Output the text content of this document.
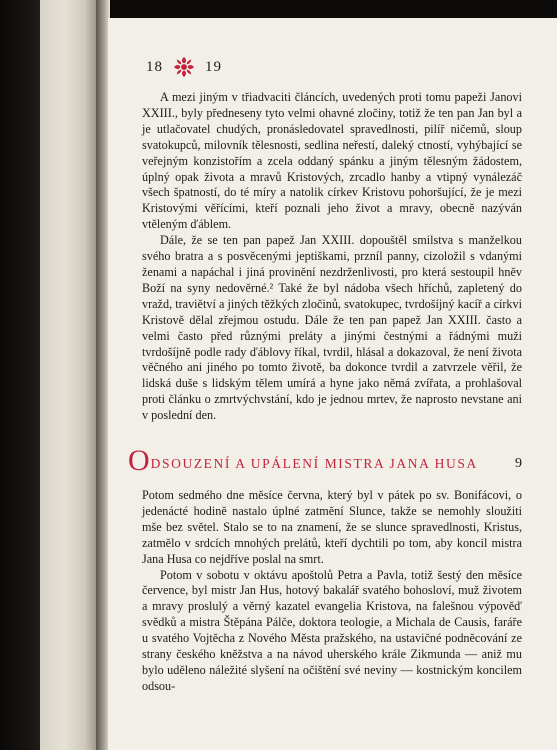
18	19

A mezi jiným v třiadvaciti článcích, uvedených proti tomu papeži Janovi XXIII., byly předneseny tyto velmi ohavné zločiny, totiž že ten pan Jan byl a je utlačovatel chudých, pronásledovatel spravedlnosti, pilíř ničemů, sloup svatokupců, milovník tělesnosti, sedlina neřestí, daleký ctností, vyhýbající se veřejným konzistořím a zcela oddaný spánku a jiným tělesným žádostem, úplný opak života a mravů Kristových, zrcadlo hanby a vtipný vynálezáč všech špatností, do té míry a natolik církev Kristovu pohoršující, že je mezi Kristovými věřícími, kteří poznali jeho život a mravy, obecně nazýván vtěleným ďáblem.

Dále, že se ten pan papež Jan XXIII. dopouštěl smilstva s manželkou svého bratra a s posvěcenými jeptiškami, przníl panny, cizoložil s vdanými ženami a napáchal i jiná provinění nezdrženlivosti, pro která sestoupil hněv Boží na syny nedověrné.² Také že byl nádoba všech hříchů, zapletený do vražd, traviětví a jiných těžkých zločinů, svatokupec, tvrdošíjný kacíř a církvi Kristově dělal zřejmou ostudu. Dále že ten pan papež Jan XXIII. často a velmi často před různými preláty a jinými čestnými a řádnými muži tvrdošíjně podle rady ďáblovy říkal, tvrdil, hlásal a dokazoval, že není života věčného ani jiného po tomto životě, ba dokonce tvrdil a zatvrzele věřil, že lidská duše s lidským tělem umírá a hyne jako němá zvířata, a prohlašoval proti článku o zmrtvýchvstání, kdo je jednou mrtev, že naprosto nevstane ani v poslední den.

O DSOUZENÍ A UPÁLENÍ MISTRA JANA HUSA	9

Potom sedmého dne měsíce června, který byl v pátek po sv. Bonifácovi, o jedenácté hodině nastalo úplné zatmění Slunce, takže se nemohly sloužiti mše bez světel. Stalo se to na znamení, že se slunce spravedlnosti, Kristus, zatmělo v srdcích mnohých prelátů, kteří dychtili po tom, aby koncil mistra Jana Husa co nejdříve poslal na smrt.

Potom v sobotu v oktávu apoštolů Petra a Pavla, totiž šestý den měsíce července, byl mistr Jan Hus, hotový bakalář svatého bohosloví, muž životem a mravy proslulý a věrný kazatel evangelia Kristova, na falešnou výpověď svědků a mistra Štěpána Pálče, doktora teologie, a Michala de Causis, faráře u svatého Vojtěcha z Nového Města pražského, na ustavičné podněcování ze strany českého kněžstva a na návod uherského krále Zikmunda — aniž mu bylo uděleno náležité slyšení na očištění své neviny — kostnickým koncilem odsou-
